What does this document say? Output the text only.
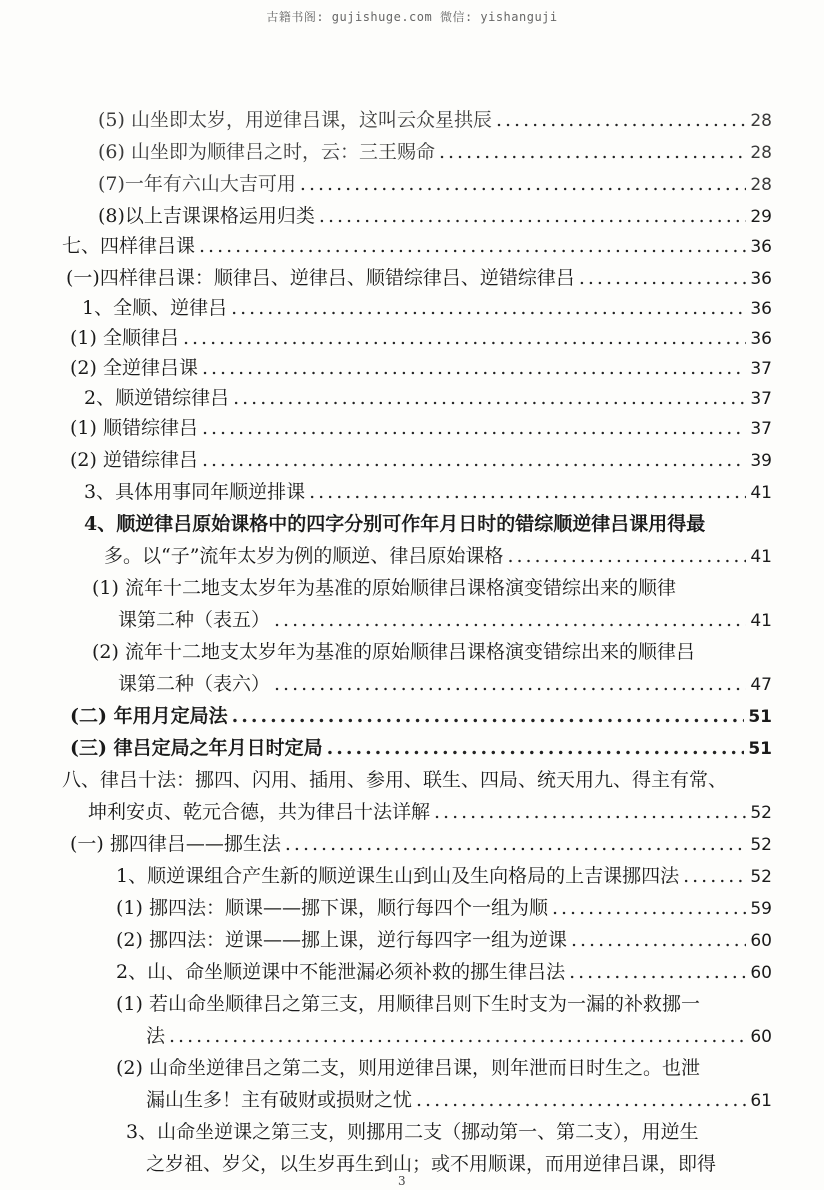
古籍书阁: gujishuge.com 微信: yishanguji
(5) 山坐即太岁，用逆律吕课，这叫云众星拱辰 .....	28
(6) 山坐即为顺律吕之时，云：三王赐命 .....	28
(7)一年有六山大吉可用 .....	28
(8)以上吉课课格运用归类 .....	29
七、四样律吕课 .....	36
(一)四样律吕课：顺律吕、逆律吕、顺错综律吕、逆错综律吕 .....	36
1、全顺、逆律吕 .....	36
(1) 全顺律吕 .....	36
(2) 全逆律吕课 .....	37
2、顺逆错综律吕 .....	37
(1) 顺错综律吕 .....	37
(2) 逆错综律吕 .....	39
3、具体用事同年顺逆排课 .....	41
4、顺逆律吕原始课格中的四字分别可作年月日时的错综顺逆律吕课用得最
多。以“子”流年太岁为例的顺逆、律吕原始课格 .....	41
(1) 流年十二地支太岁年为基准的原始顺律吕课格演变错综出来的顺律
课第二种（表五） .....	41
(2) 流年十二地支太岁年为基准的原始顺律吕课格演变错综出来的顺律吕
课第二种（表六） .....	47
(二) 年用月定局法 .....	51
(三) 律吕定局之年月日时定局 .....	51
八、律吕十法：挪四、闪用、插用、参用、联生、四局、统天用九、得主有常、
坤利安贞、乾元合德，共为律吕十法详解 .....	52
(一) 挪四律吕——挪生法 .....	52
1、顺逆课组合产生新的顺逆课生山到山及生向格局的上吉课挪四法 .....	52
(1) 挪四法：顺课——挪下课，顺行每四个一组为顺 .....	59
(2) 挪四法：逆课——挪上课，逆行每四字一组为逆课 .....	60
2、山、命坐顺逆课中不能泄漏必须补救的挪生律吕法 .....	60
(1) 若山命坐顺律吕之第三支，用顺律吕则下生时支为一漏的补救挪一
法 .....	60
(2) 山命坐逆律吕之第二支，则用逆律吕课，则年泄而日时生之。也泄
漏山生多！主有破财或损财之忧 .....	61
3、山命坐逆课之第三支，则挪用二支（挪动第一、第二支），用逆生
之岁祖、岁父，以生岁再生到山；或不用顺课，而用逆律吕课，即得
3
